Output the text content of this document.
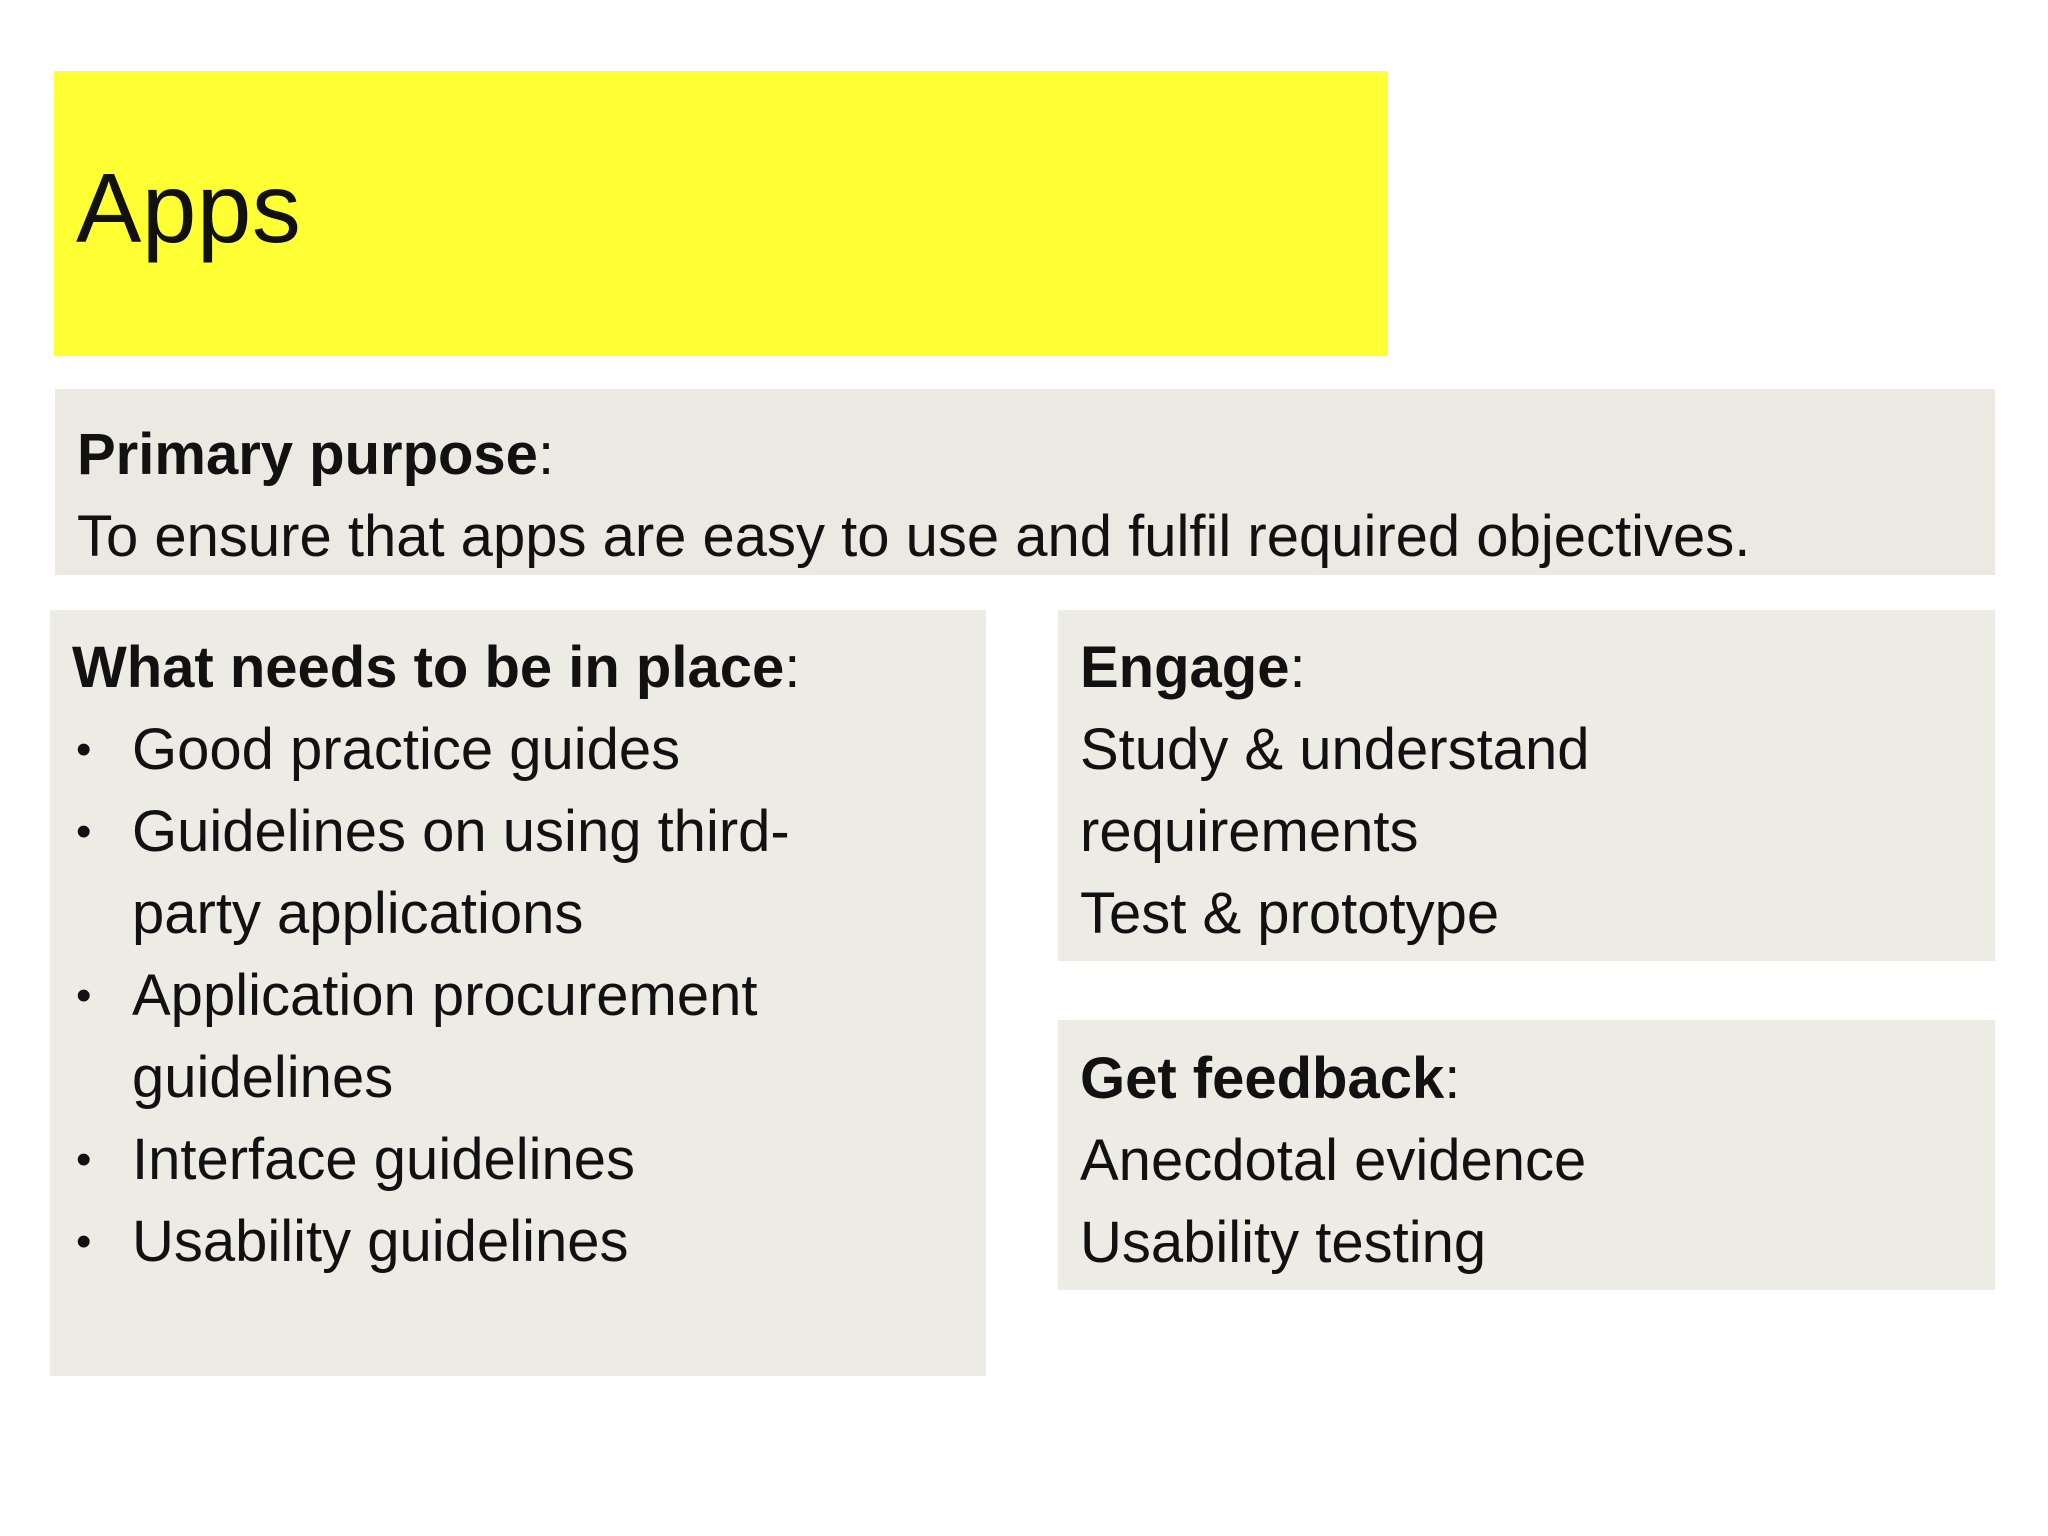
Apps
Primary purpose:
To ensure that apps are easy to use and fulfil required objectives.
What needs to be in place:
• Good practice guides
• Guidelines on using third-
party applications
• Application procurement
guidelines
• Interface guidelines
• Usability guidelines
Engage:
Study & understand
requirements
Test & prototype
Get feedback:
Anecdotal evidence
Usability testing
